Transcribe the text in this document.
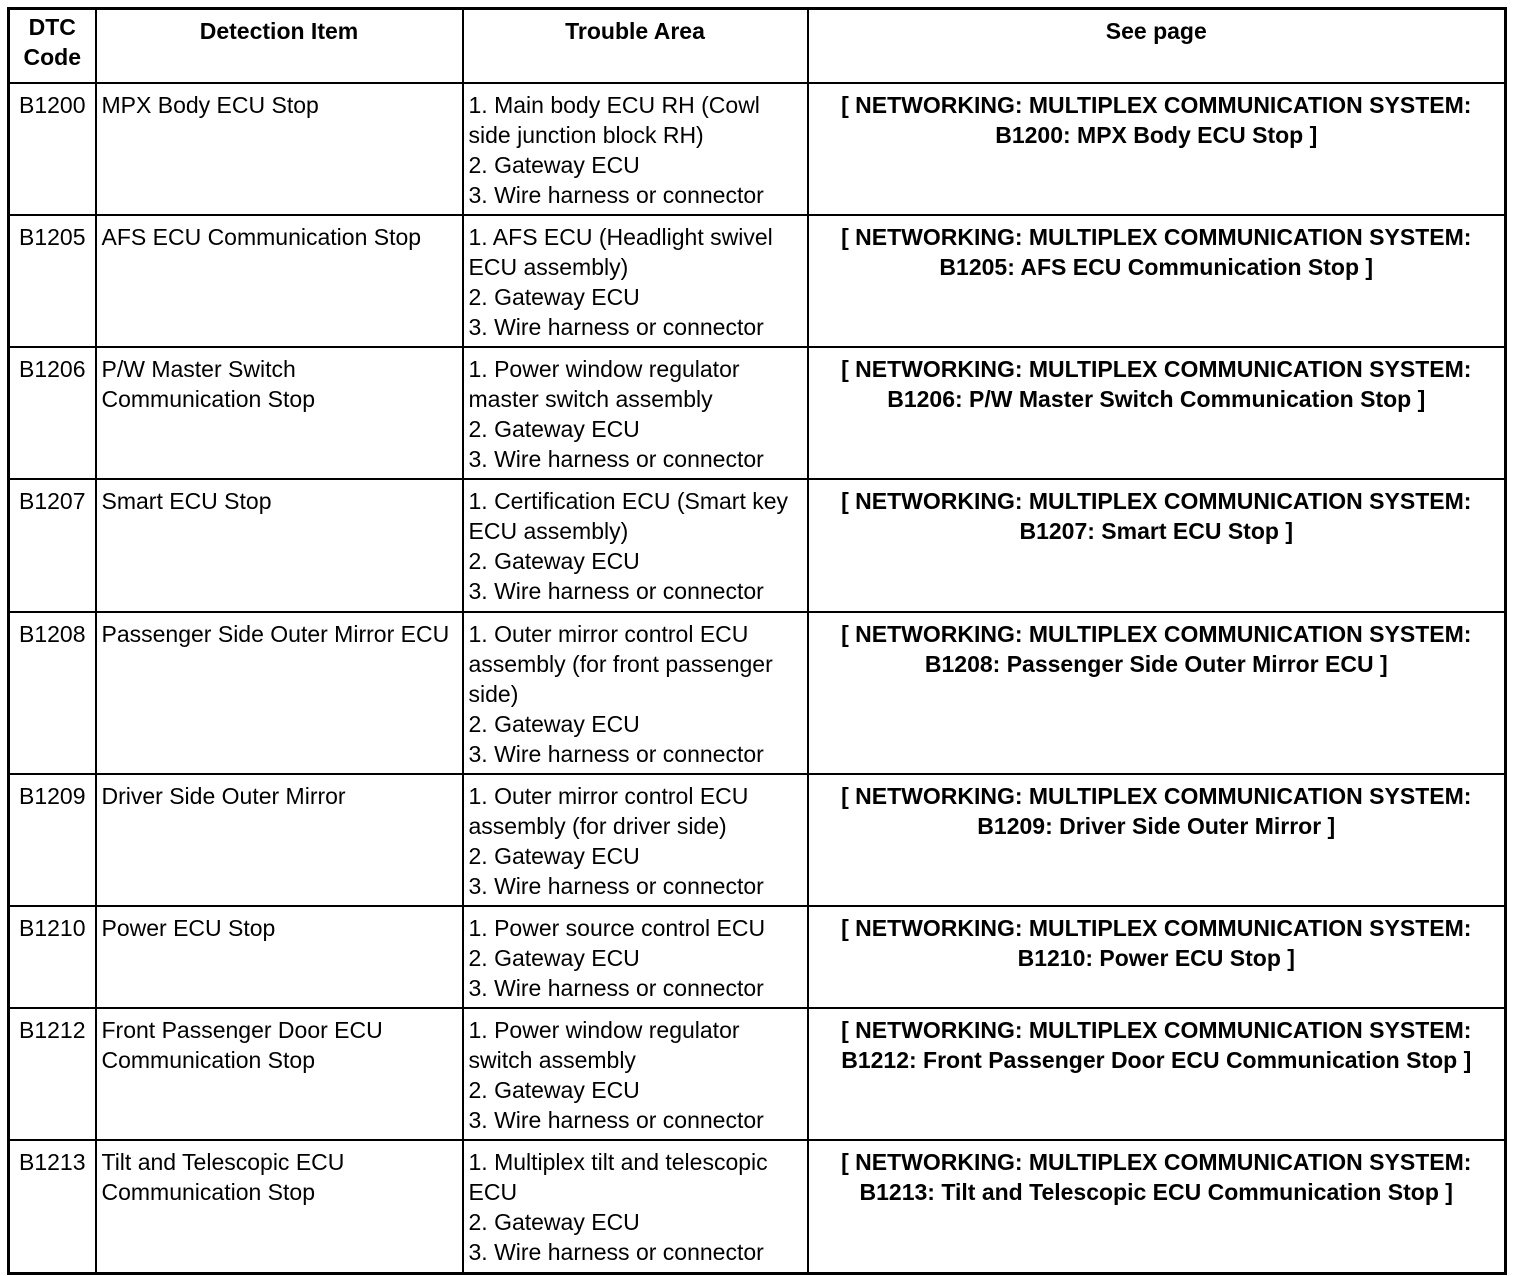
DTC
Code	Detection Item	Trouble Area	See page
B1200	MPX Body ECU Stop	1. Main body ECU RH (Cowl side junction block RH)
2. Gateway ECU
3. Wire harness or connector	[ NETWORKING: MULTIPLEX COMMUNICATION SYSTEM: B1200: MPX Body ECU Stop ]
B1205	AFS ECU Communication Stop	1. AFS ECU (Headlight swivel ECU assembly)
2. Gateway ECU
3. Wire harness or connector	[ NETWORKING: MULTIPLEX COMMUNICATION SYSTEM: B1205: AFS ECU Communication Stop ]
B1206	P/W Master Switch Communication Stop	1. Power window regulator master switch assembly
2. Gateway ECU
3. Wire harness or connector	[ NETWORKING: MULTIPLEX COMMUNICATION SYSTEM: B1206: P/W Master Switch Communication Stop ]
B1207	Smart ECU Stop	1. Certification ECU (Smart key ECU assembly)
2. Gateway ECU
3. Wire harness or connector	[ NETWORKING: MULTIPLEX COMMUNICATION SYSTEM: B1207: Smart ECU Stop ]
B1208	Passenger Side Outer Mirror ECU	1. Outer mirror control ECU assembly (for front passenger side)
2. Gateway ECU
3. Wire harness or connector	[ NETWORKING: MULTIPLEX COMMUNICATION SYSTEM: B1208: Passenger Side Outer Mirror ECU ]
B1209	Driver Side Outer Mirror	1. Outer mirror control ECU assembly (for driver side)
2. Gateway ECU
3. Wire harness or connector	[ NETWORKING: MULTIPLEX COMMUNICATION SYSTEM: B1209: Driver Side Outer Mirror ]
B1210	Power ECU Stop	1. Power source control ECU
2. Gateway ECU
3. Wire harness or connector	[ NETWORKING: MULTIPLEX COMMUNICATION SYSTEM: B1210: Power ECU Stop ]
B1212	Front Passenger Door ECU Communication Stop	1. Power window regulator switch assembly
2. Gateway ECU
3. Wire harness or connector	[ NETWORKING: MULTIPLEX COMMUNICATION SYSTEM: B1212: Front Passenger Door ECU Communication Stop ]
B1213	Tilt and Telescopic ECU Communication Stop	1. Multiplex tilt and telescopic ECU
2. Gateway ECU
3. Wire harness or connector	[ NETWORKING: MULTIPLEX COMMUNICATION SYSTEM: B1213: Tilt and Telescopic ECU Communication Stop ]
